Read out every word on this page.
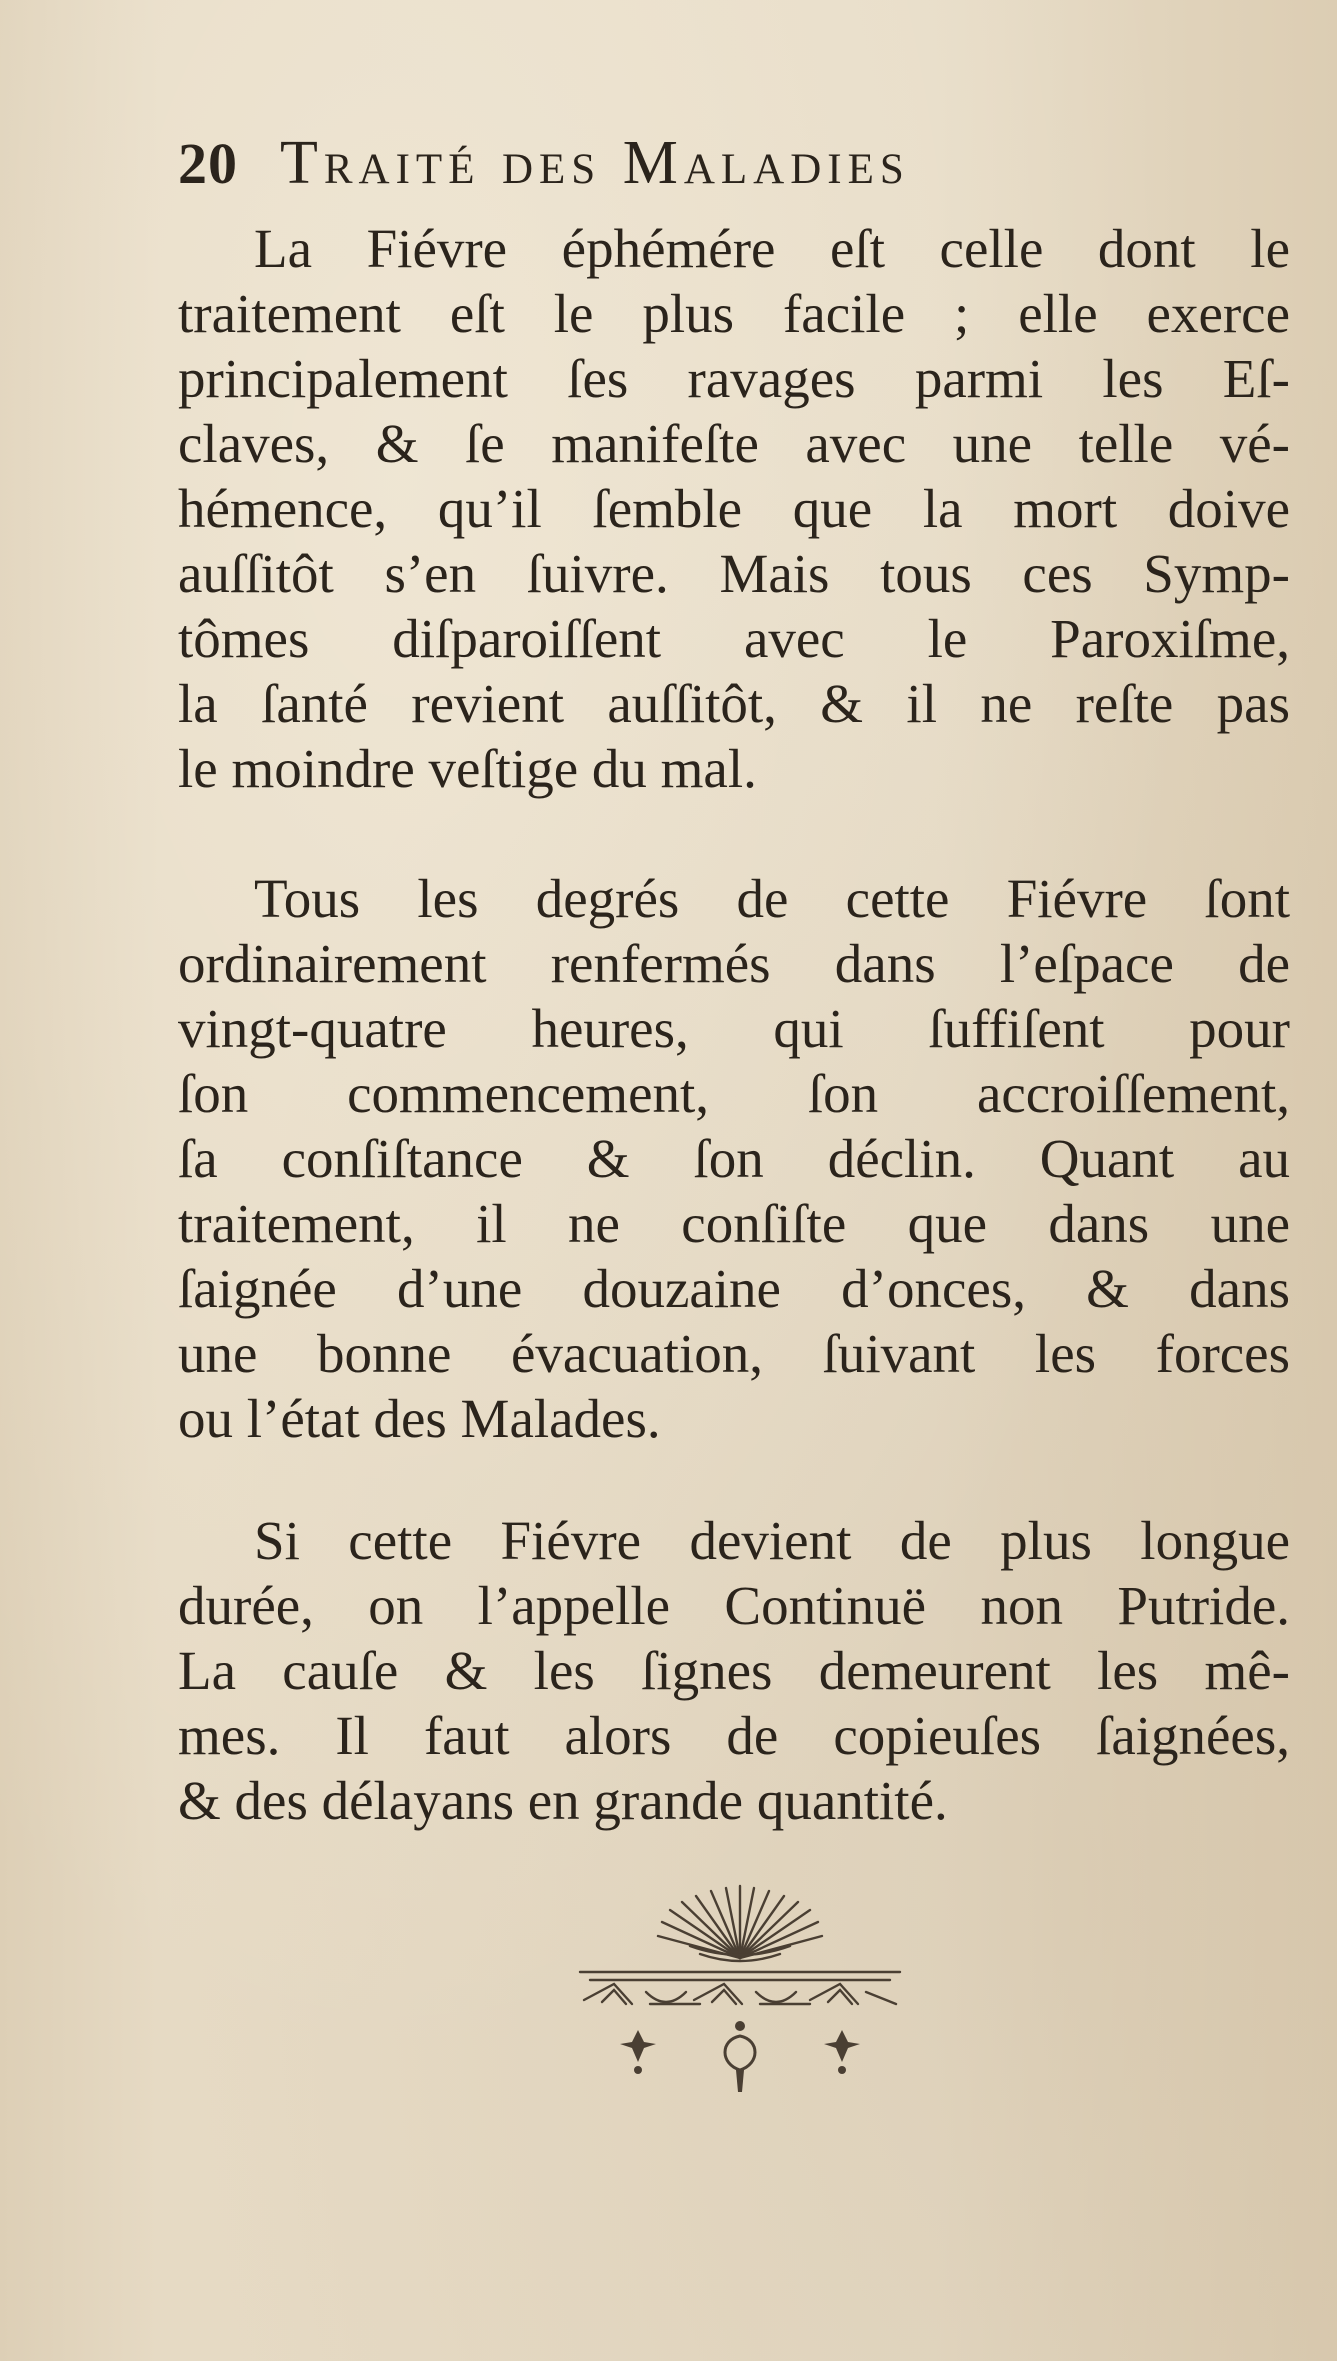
20 Traité des Maladies
La Fiévre éphémére eſt celle dont le
traitement eſt le plus facile ; elle exerce
principalement ſes ravages parmi les Eſ-
claves, & ſe manifeſte avec une telle vé-
hémence, qu’il ſemble que la mort doive
auſſitôt s’en ſuivre. Mais tous ces Symp-
tômes diſparoiſſent avec le Paroxiſme,
la ſanté revient auſſitôt, & il ne reſte pas
le moindre veſtige du mal.
Tous les degrés de cette Fiévre ſont
ordinairement renfermés dans l’eſpace de
vingt-quatre heures, qui ſuffiſent pour
ſon commencement, ſon accroiſſement,
ſa conſiſtance & ſon déclin. Quant au
traitement, il ne conſiſte que dans une
ſaignée d’une douzaine d’onces, & dans
une bonne évacuation, ſuivant les forces
ou l’état des Malades.
Si cette Fiévre devient de plus longue
durée, on l’appelle Continuë non Putride.
La cauſe & les ſignes demeurent les mê-
mes. Il faut alors de copieuſes ſaignées,
& des délayans en grande quantité.
